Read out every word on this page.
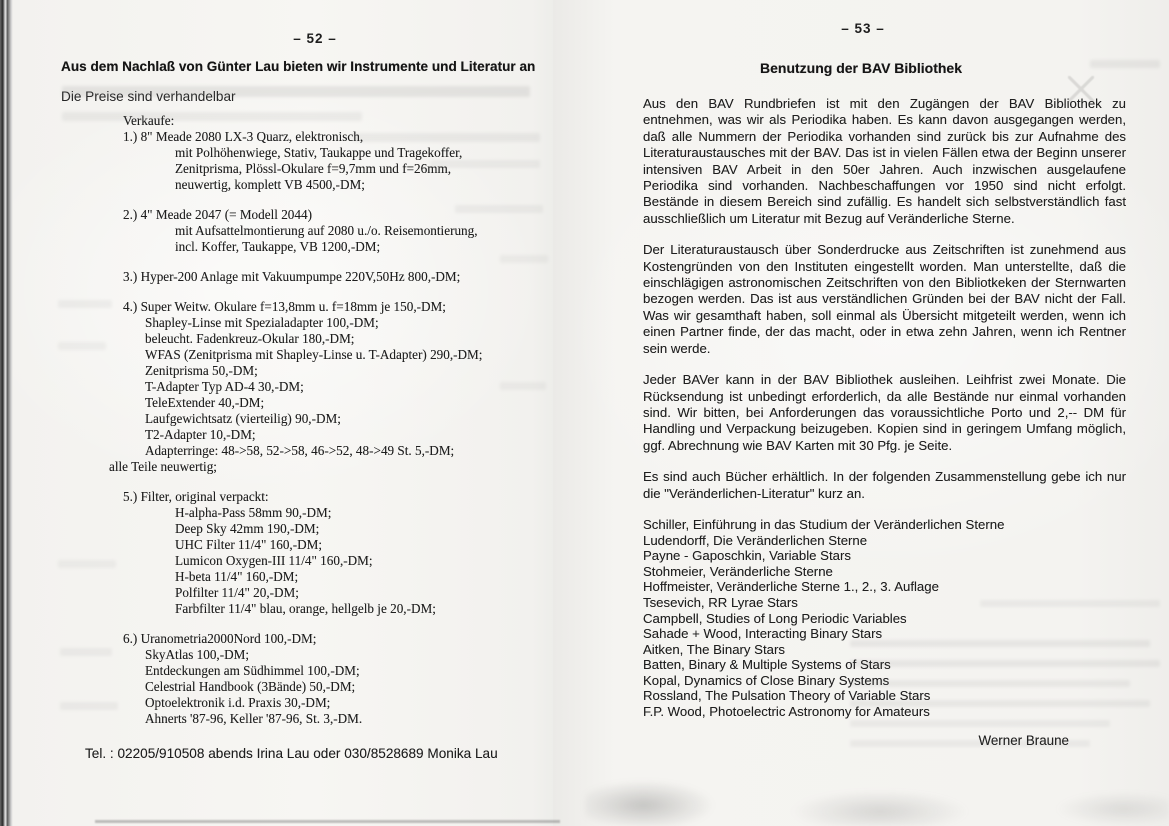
– 52 –
Aus dem Nachlaß von Günter Lau bieten wir Instrumente und Literatur an
Die Preise sind verhandelbar
Verkaufe:
1.) 8" Meade 2080 LX-3 Quarz, elektronisch,
mit Polhöhenwiege, Stativ, Taukappe und Tragekoffer,
Zenitprisma, Plössl-Okulare f=9,7mm und f=26mm,
neuwertig, komplett VB 4500,-DM;
2.) 4" Meade 2047 (= Modell 2044)
mit Aufsattelmontierung auf 2080 u./o. Reisemontierung,
incl. Koffer, Taukappe, VB 1200,-DM;
3.) Hyper-200 Anlage mit Vakuumpumpe 220V,50Hz 800,-DM;
4.) Super Weitw. Okulare f=13,8mm u. f=18mm je 150,-DM;
Shapley-Linse mit Spezialadapter 100,-DM;
beleucht. Fadenkreuz-Okular 180,-DM;
WFAS (Zenitprisma mit Shapley-Linse u. T-Adapter) 290,-DM;
Zenitprisma 50,-DM;
T-Adapter Typ AD-4 30,-DM;
TeleExtender 40,-DM;
Laufgewichtsatz (vierteilig) 90,-DM;
T2-Adapter 10,-DM;
Adapterringe: 48->58, 52->58, 46->52, 48->49 St. 5,-DM;
alle Teile neuwertig;
5.) Filter, original verpackt:
H-alpha-Pass 58mm 90,-DM;
Deep Sky 42mm 190,-DM;
UHC Filter 11/4" 160,-DM;
Lumicon Oxygen-III 11/4" 160,-DM;
H-beta 11/4" 160,-DM;
Polfilter 11/4" 20,-DM;
Farbfilter 11/4" blau, orange, hellgelb je 20,-DM;
6.) Uranometria2000Nord 100,-DM;
SkyAtlas 100,-DM;
Entdeckungen am Südhimmel 100,-DM;
Celestrial Handbook (3Bände) 50,-DM;
Optoelektronik i.d. Praxis 30,-DM;
Ahnerts '87-96, Keller '87-96, St. 3,-DM.
Tel. : 02205/910508 abends Irina Lau oder 030/8528689 Monika Lau
– 53 –
Benutzung der BAV Bibliothek

Aus den BAV Rundbriefen ist mit den Zugängen der BAV Bibliothek zu entnehmen, was wir als Periodika haben. Es kann davon ausgegangen werden, daß alle Nummern der Periodika vorhanden sind zurück bis zur Aufnahme des Literaturaustausches mit der BAV. Das ist in vielen Fällen etwa der Beginn unserer intensiven BAV Arbeit in den 50er Jahren. Auch inzwischen ausgelaufene Periodika sind vorhanden. Nachbeschaffungen vor 1950 sind nicht erfolgt. Bestände in diesem Bereich sind zufällig. Es handelt sich selbstverständlich fast ausschließlich um Literatur mit Bezug auf Veränderliche Sterne.

Der Literaturaustausch über Sonderdrucke aus Zeitschriften ist zunehmend aus Kostengründen von den Instituten eingestellt worden. Man unterstellte, daß die einschlägigen astronomischen Zeitschriften von den Bibliotkeken der Sternwarten bezogen werden. Das ist aus verständlichen Gründen bei der BAV nicht der Fall. Was wir gesamthaft haben, soll einmal als Übersicht mitgeteilt werden, wenn ich einen Partner finde, der das macht, oder in etwa zehn Jahren, wenn ich Rentner sein werde.

Jeder BAVer kann in der BAV Bibliothek ausleihen. Leihfrist zwei Monate. Die Rücksendung ist unbedingt erforderlich, da alle Bestände nur einmal vorhanden sind. Wir bitten, bei Anforderungen das voraussichtliche Porto und 2,-- DM für Handling und Verpackung beizugeben. Kopien sind in geringem Umfang möglich, ggf. Abrechnung wie BAV Karten mit 30 Pfg. je Seite.

Es sind auch Bücher erhältlich. In der folgenden Zusammenstellung gebe ich nur die "Veränderlichen-Literatur" kurz an.

Schiller, Einführung in das Studium der Veränderlichen Sterne
Ludendorff, Die Veränderlichen Sterne
Payne - Gaposchkin, Variable Stars
Stohmeier, Veränderliche Sterne
Hoffmeister, Veränderliche Sterne 1., 2., 3. Auflage
Tsesevich, RR Lyrae Stars
Campbell, Studies of Long Periodic Variables
Sahade + Wood, Interacting Binary Stars
Aitken, The Binary Stars
Batten, Binary & Multiple Systems of Stars
Kopal, Dynamics of Close Binary Systems
Rossland, The Pulsation Theory of Variable Stars
F.P. Wood, Photoelectric Astronomy for Amateurs
Werner Braune
